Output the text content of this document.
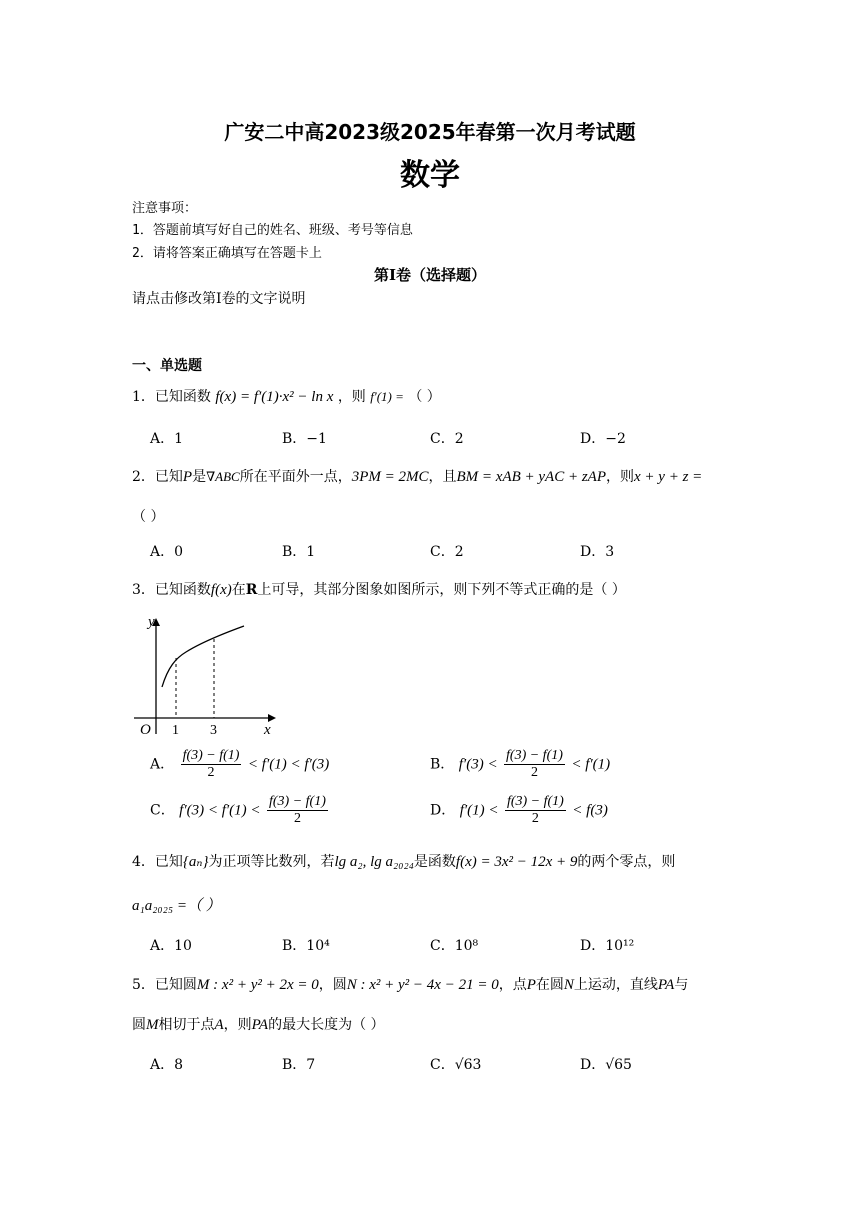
广安二中高2023级2025年春第一次月考试题
数学
注意事项：
1．答题前填写好自己的姓名、班级、考号等信息
2．请将答案正确填写在答题卡上
第I卷（选择题）
请点击修改第I卷的文字说明
一、单选题
1．已知函数 f(x) = f′(1)·x² − ln x ，则 f′(1) = （ ）
A．1	B．−1	C．2	D．−2
2．已知P是∇ABC所在平面外一点，3PM = 2MC，且BM = xAB + yAC + zAP，则x + y + z =
（ ）
A．0	B．1	C．2	D．3
3．已知函数f(x)在R上可导，其部分图象如图所示，则下列不等式正确的是（ ）
y
x
O 1 3
A． $\frac{f(3) - f(1)}{2} < f'(1) < f'(3)$	B． $f'(3) < \frac{f(3) - f(1)}{2} < f'(1)$
C． $f'(3) < f'(1) < \frac{f(3) - f(1)}{2}$	D． $f'(1) < \frac{f(3) - f(1)}{2} < f(3)$
4．已知{aₙ}为正项等比数列，若lg a₂, lg a₂₀₂₄是函数f(x) = 3x² − 12x + 9的两个零点，则
a₁a₂₀₂₅ =（ ）
A．10	B．10⁴	C．10⁸	D．10¹²
5．已知圆M : x² + y² + 2x = 0，圆N : x² + y² − 4x − 21 = 0，点P在圆N上运动，直线PA与
圆M相切于点A，则PA的最大长度为（ ）
A．8	B．7	C．√63	D．√65
